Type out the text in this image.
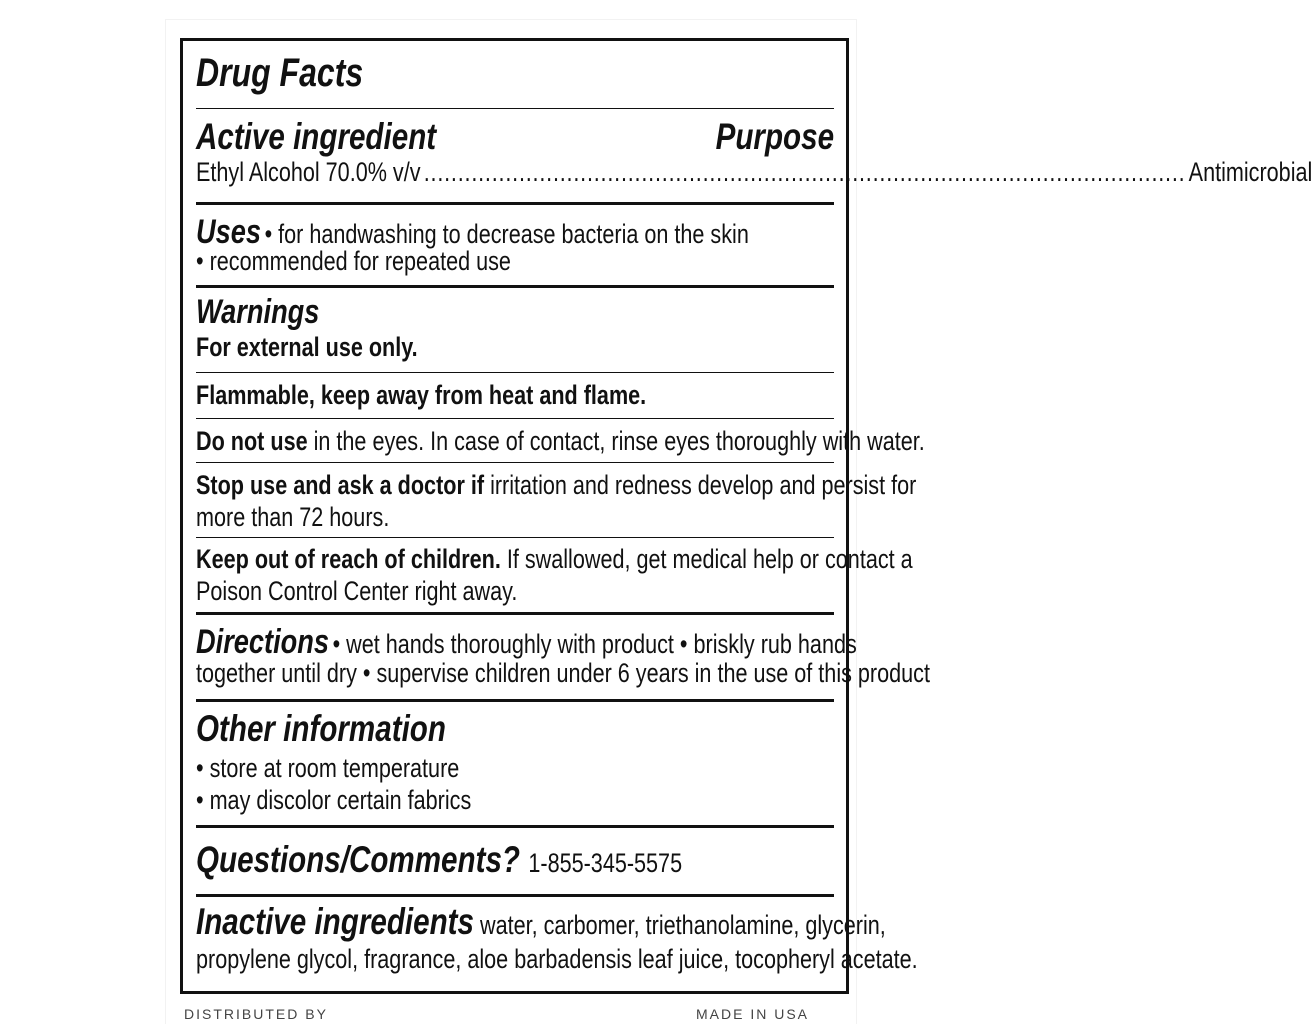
Drug Facts
Active ingredient	Purpose
Ethyl Alcohol 70.0% v/v ................................................................................................................ Antimicrobial
Uses • for handwashing to decrease bacteria on the skin
• recommended for repeated use
Warnings
For external use only.
Flammable, keep away from heat and flame.
Do not use in the eyes. In case of contact, rinse eyes thoroughly with water.
Stop use and ask a doctor if irritation and redness develop and persist for
more than 72 hours.
Keep out of reach of children. If swallowed, get medical help or contact a
Poison Control Center right away.
Directions • wet hands thoroughly with product • briskly rub hands
together until dry • supervise children under 6 years in the use of this product
Other information
• store at room temperature
• may discolor certain fabrics
Questions/Comments? 1-855-345-5575
Inactive ingredients water, carbomer, triethanolamine, glycerin,
propylene glycol, fragrance, aloe barbadensis leaf juice, tocopheryl acetate.
DISTRIBUTED BY	MADE IN USA
